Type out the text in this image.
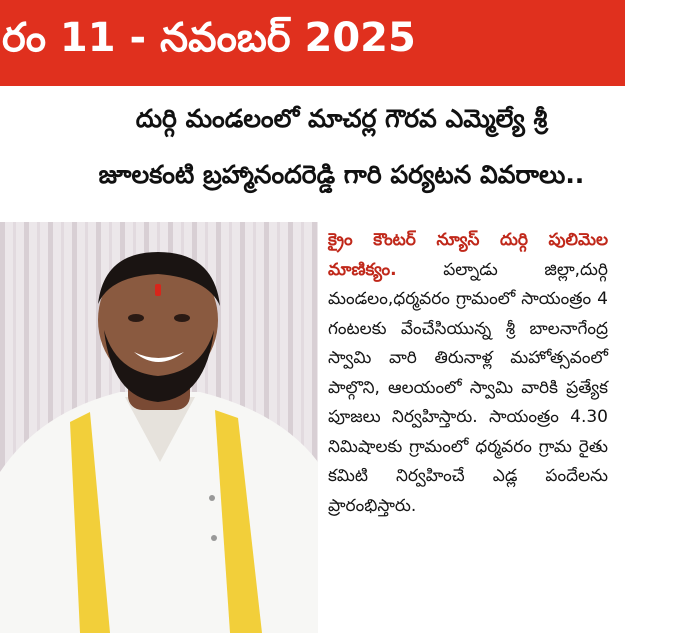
రం 11 - నవంబర్ 2025
దుర్గి మండలంలో మాచర్ల గౌరవ ఎమ్మెల్యే శ్రీ
జూలకంటి బ్రహ్మానందరెడ్డి గారి పర్యటన వివరాలు..
క్రైం కౌంటర్ న్యూస్ దుర్గి పులిమెల మాణిక్యం.	పల్నాడు జిల్లా,దుర్గి మండలం,ధర్మవరం గ్రామంలో సాయంత్రం 4 గంటలకు వేంచేసియున్న శ్రీ బాలనాగేంద్ర స్వామి వారి తిరునాళ్ల మహోత్సవంలో పాల్గొని, ఆలయంలో స్వామి వారికి ప్రత్యేక పూజలు నిర్వహిస్తారు. సాయంత్రం 4.30 నిమిషాలకు గ్రామంలో ధర్మవరం గ్రామ రైతు కమిటి నిర్వహించే ఎడ్ల పందేలను ప్రారంభిస్తారు.
